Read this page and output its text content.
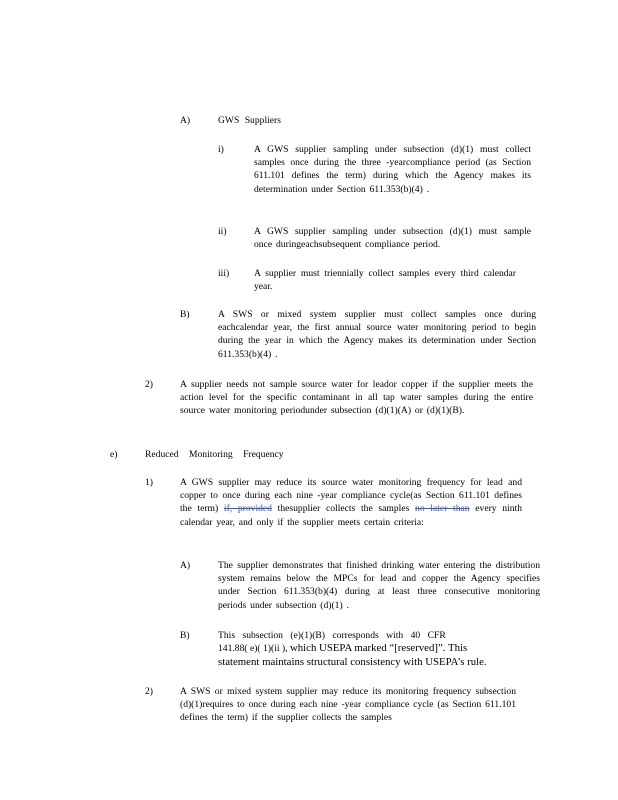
A)	GWS Suppliers
i)	A GWS supplier sampling under subsection (d)(1) must collect samples once during the three -yearcompliance period (as Section 611.101 defines the term) during which the Agency makes its determination under Section 611.353(b)(4) .
ii)	A GWS supplier sampling under subsection (d)(1) must sample once duringeachsubsequent compliance period.
iii)	A supplier must triennially collect samples every third calendar year.
B)	A SWS or mixed system supplier must collect samples once during eachcalendar year, the first annual source water monitoring period to begin during the year in which the Agency makes its determination under Section 611.353(b)(4) .
2)	A supplier needs not sample source water for leador copper if the supplier meets the action level for the specific contaminant in all tap water samples during the entire source water monitoring periodunder subsection (d)(1)(A) or (d)(1)(B).
e)	Reduced Monitoring Frequency
1)	A GWS supplier may reduce its source water monitoring frequency for lead and copper to once during each nine -year compliance cycle(as Section 611.101 defines the term) if, provided thesupplier collects the samples no later than every ninth calendar year, and only if the supplier meets certain criteria:
A)	The supplier demonstrates that finished drinking water entering the distribution system remains below the MPCs for lead and copper the Agency specifies under Section 611.353(b)(4) during at least three consecutive monitoring periods under subsection (d)(1) .
B)	This subsection (e)(1)(B) corresponds with 40 CFR
141.88( e)( 1)(ii ), which USEPA marked “[reserved]”. This
statement maintains structural consistency with USEPA’s rule.
2)	A SWS or mixed system supplier may reduce its monitoring frequency subsection (d)(1)requires to once during each nine -year compliance cycle (as Section 611.101 defines the term) if the supplier collects the samples
